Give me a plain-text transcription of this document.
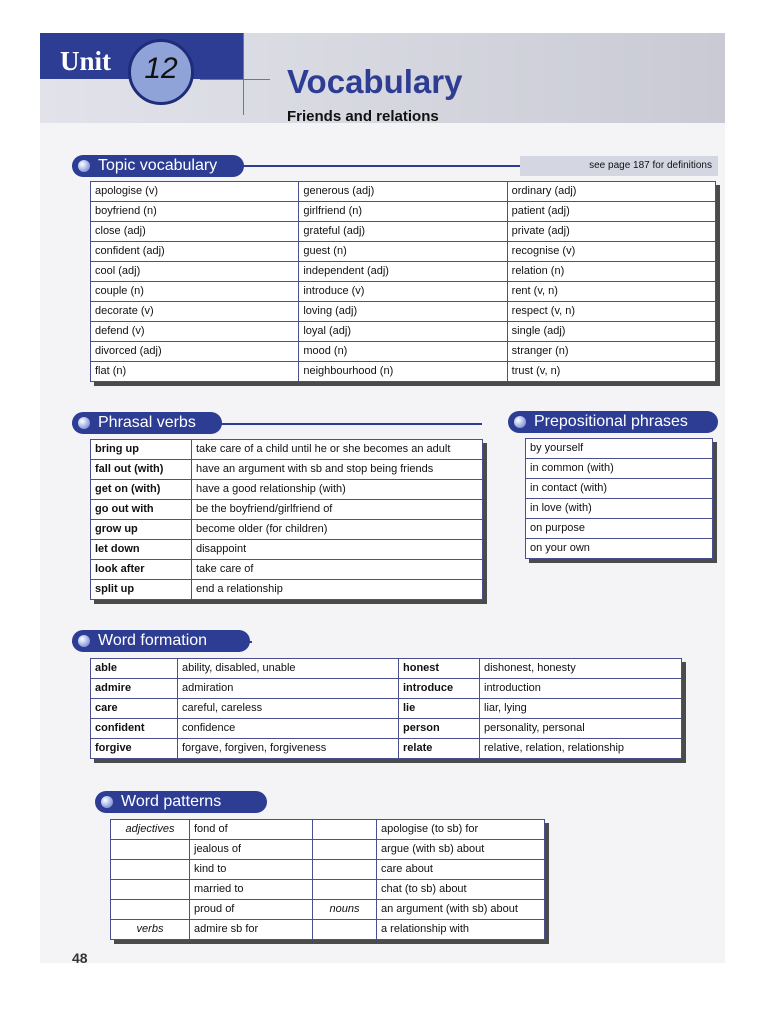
Unit	12	Vocabulary
Friends and relations
Topic vocabulary	see page 187 for definitions
apologise (v)	generous (adj)	ordinary (adj)
boyfriend (n)	girlfriend (n)	patient (adj)
close (adj)	grateful (adj)	private (adj)
confident (adj)	guest (n)	recognise (v)
cool (adj)	independent (adj)	relation (n)
couple (n)	introduce (v)	rent (v, n)
decorate (v)	loving (adj)	respect (v, n)
defend (v)	loyal (adj)	single (adj)
divorced (adj)	mood (n)	stranger (n)
flat (n)	neighbourhood (n)	trust (v, n)
Phrasal verbs
bring up	take care of a child until he or she becomes an adult
fall out (with)	have an argument with sb and stop being friends
get on (with)	have a good relationship (with)
go out with	be the boyfriend/girlfriend of
grow up	become older (for children)
let down	disappoint
look after	take care of
split up	end a relationship
Prepositional phrases
by yourself
in common (with)
in contact (with)
in love (with)
on purpose
on your own
Word formation
able	ability, disabled, unable	honest	dishonest, honesty
admire	admiration	introduce	introduction
care	careful, careless	lie	liar, lying
confident	confidence	person	personality, personal
forgive	forgave, forgiven, forgiveness	relate	relative, relation, relationship
Word patterns
adjectives	fond of		apologise (to sb) for
	jealous of		argue (with sb) about
	kind to		care about
	married to		chat (to sb) about
	proud of	nouns	an argument (with sb) about
verbs	admire sb for		a relationship with
48
